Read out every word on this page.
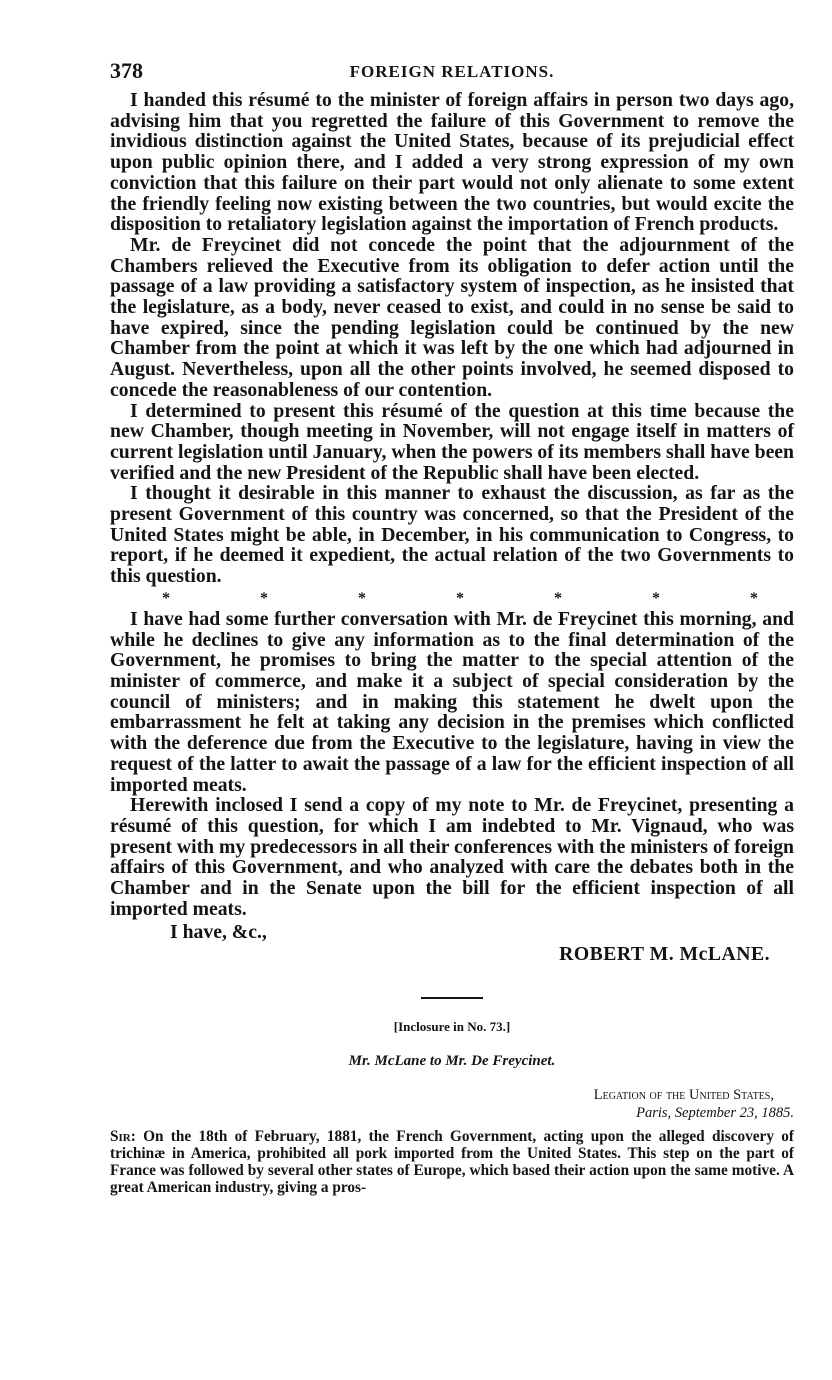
378	FOREIGN RELATIONS.

I handed this résumé to the minister of foreign affairs in person two days ago, advising him that you regretted the failure of this Government to remove the invidious distinction against the United States, because of its prejudicial effect upon public opinion there, and I added a very strong expression of my own conviction that this failure on their part would not only alienate to some extent the friendly feeling now existing between the two countries, but would excite the disposition to retaliatory legislation against the importation of French products.

Mr. de Freycinet did not concede the point that the adjournment of the Chambers relieved the Executive from its obligation to defer action until the passage of a law providing a satisfactory system of inspection, as he insisted that the legislature, as a body, never ceased to exist, and could in no sense be said to have expired, since the pending legislation could be continued by the new Chamber from the point at which it was left by the one which had adjourned in August. Nevertheless, upon all the other points involved, he seemed disposed to concede the reasonableness of our contention.

I determined to present this résumé of the question at this time because the new Chamber, though meeting in November, will not engage itself in matters of current legislation until January, when the powers of its members shall have been verified and the new President of the Republic shall have been elected.

I thought it desirable in this manner to exhaust the discussion, as far as the present Government of this country was concerned, so that the President of the United States might be able, in December, in his communication to Congress, to report, if he deemed it expedient, the actual relation of the two Governments to this question.

*	*	*	*	*	*	*

I have had some further conversation with Mr. de Freycinet this morning, and while he declines to give any information as to the final determination of the Government, he promises to bring the matter to the special attention of the minister of commerce, and make it a subject of special consideration by the council of ministers; and in making this statement he dwelt upon the embarrassment he felt at taking any decision in the premises which conflicted with the deference due from the Executive to the legislature, having in view the request of the latter to await the passage of a law for the efficient inspection of all imported meats.

Herewith inclosed I send a copy of my note to Mr. de Freycinet, presenting a résumé of this question, for which I am indebted to Mr. Vignaud, who was present with my predecessors in all their conferences with the ministers of foreign affairs of this Government, and who analyzed with care the debates both in the Chamber and in the Senate upon the bill for the efficient inspection of all imported meats.

I have, &c.,
ROBERT M. McLANE.
[Inclosure in No. 73.]
Mr. McLane to Mr. De Freycinet.
Legation of the United States,
Paris, September 23, 1885.

Sir: On the 18th of February, 1881, the French Government, acting upon the alleged discovery of trichinæ in America, prohibited all pork imported from the United States. This step on the part of France was followed by several other states of Europe, which based their action upon the same motive. A great American industry, giving a pros-
